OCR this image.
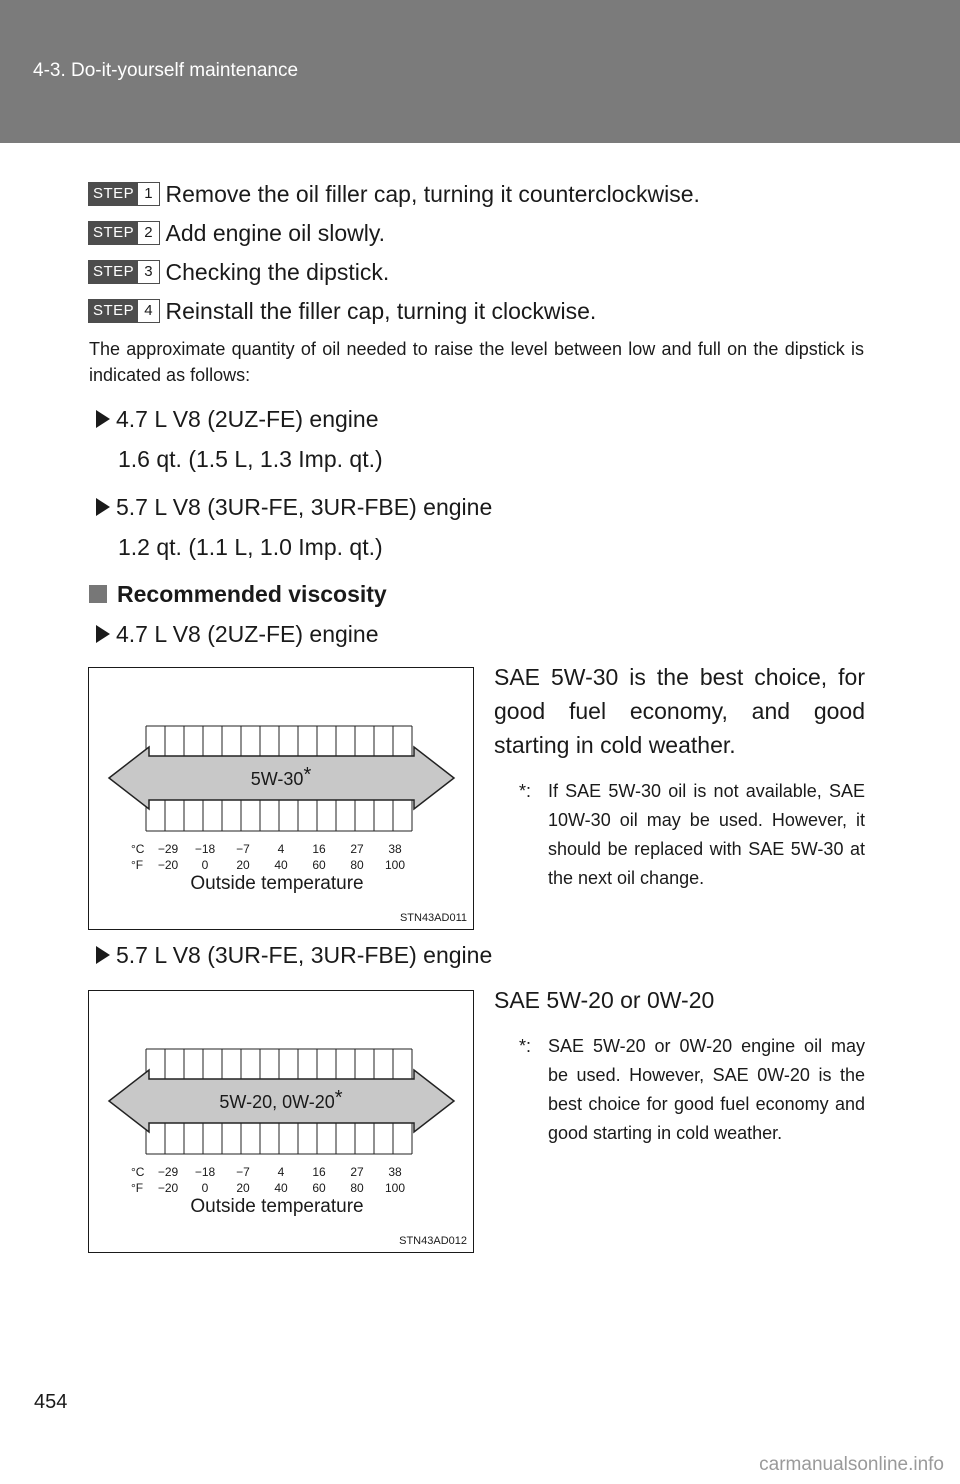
4-3. Do-it-yourself maintenance
STEP 1 Remove the oil filler cap, turning it counterclockwise.
STEP 2 Add engine oil slowly.
STEP 3 Checking the dipstick.
STEP 4 Reinstall the filler cap, turning it clockwise.
The approximate quantity of oil needed to raise the level between low and full on the dipstick is indicated as follows:
4.7 L V8 (2UZ-FE) engine
1.6 qt. (1.5 L, 1.3 Imp. qt.)
5.7 L V8 (3UR-FE, 3UR-FBE) engine
1.2 qt. (1.1 L, 1.0 Imp. qt.)
Recommended viscosity
4.7 L V8 (2UZ-FE) engine
5W-30*
°C
°F
−29 −18 −7 4 16 27 38
−20 0 20 40 60 80 100
Outside temperature
STN43AD011
SAE 5W-30 is the best choice, for good fuel economy, and good starting in cold weather.
*: If SAE 5W-30 oil is not available, SAE 10W-30 oil may be used. However, it should be replaced with SAE 5W-30 at the next oil change.
5.7 L V8 (3UR-FE, 3UR-FBE) engine
5W-20, 0W-20*
°C
°F
−29 −18 −7 4 16 27 38
−20 0 20 40 60 80 100
Outside temperature
STN43AD012
SAE 5W-20 or 0W-20
*: SAE 5W-20 or 0W-20 engine oil may be used. However, SAE 0W-20 is the best choice for good fuel economy and good starting in cold weather.
454
carmanualsonline.info
